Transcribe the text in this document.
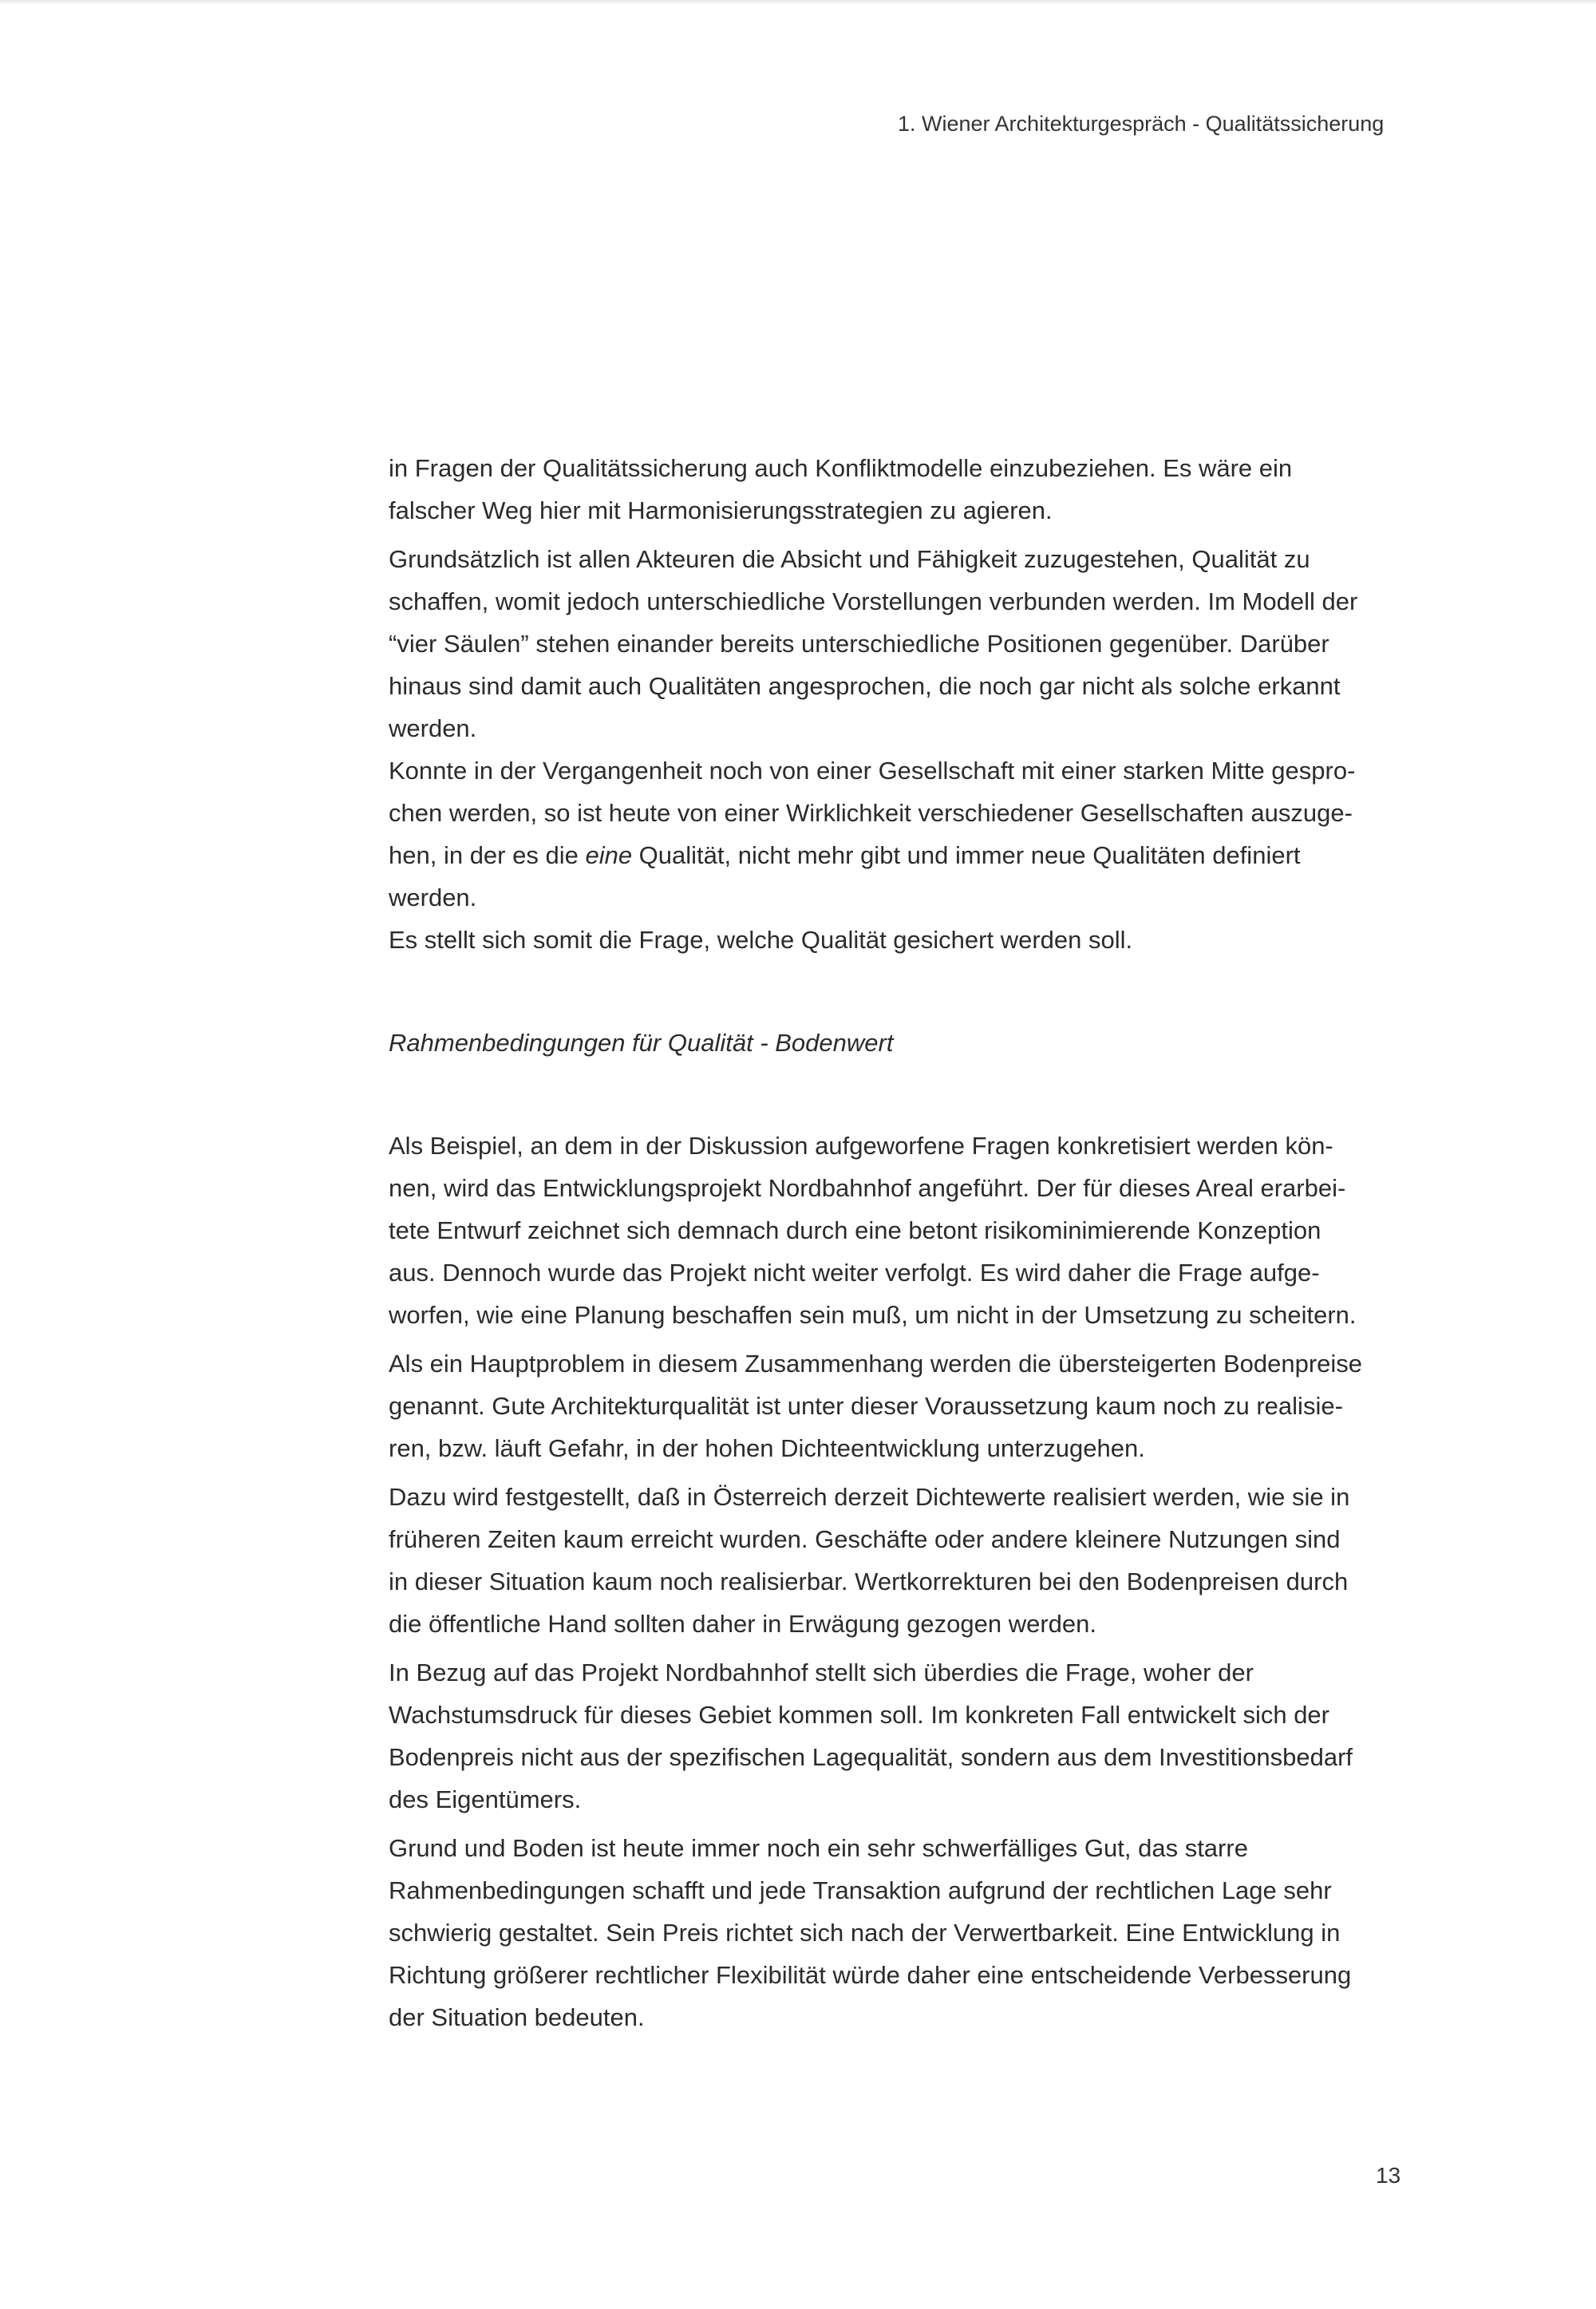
1. Wiener Architekturgespräch - Qualitätssicherung
in Fragen der Qualitätssicherung auch Konfliktmodelle einzubeziehen. Es wäre ein
falscher Weg hier mit Harmonisierungsstrategien zu agieren.
Grundsätzlich ist allen Akteuren die Absicht und Fähigkeit zuzugestehen, Qualität zu
schaffen, womit jedoch unterschiedliche Vorstellungen verbunden werden. Im Modell der
“vier Säulen” stehen einander bereits unterschiedliche Positionen gegenüber. Darüber
hinaus sind damit auch Qualitäten angesprochen, die noch gar nicht als solche erkannt
werden.
Konnte in der Vergangenheit noch von einer Gesellschaft mit einer starken Mitte gespro-
chen werden, so ist heute von einer Wirklichkeit verschiedener Gesellschaften auszuge-
hen, in der es die eine Qualität, nicht mehr gibt und immer neue Qualitäten definiert
werden.
Es stellt sich somit die Frage, welche Qualität gesichert werden soll.
Rahmenbedingungen für Qualität - Bodenwert
Als Beispiel, an dem in der Diskussion aufgeworfene Fragen konkretisiert werden kön-
nen, wird das Entwicklungsprojekt Nordbahnhof angeführt. Der für dieses Areal erarbei-
tete Entwurf zeichnet sich demnach durch eine betont risikominimierende Konzeption
aus. Dennoch wurde das Projekt nicht weiter verfolgt. Es wird daher die Frage aufge-
worfen, wie eine Planung beschaffen sein muß, um nicht in der Umsetzung zu scheitern.
Als ein Hauptproblem in diesem Zusammenhang werden die übersteigerten Bodenpreise
genannt. Gute Architekturqualität ist unter dieser Voraussetzung kaum noch zu realisie-
ren, bzw. läuft Gefahr, in der hohen Dichteentwicklung unterzugehen.
Dazu wird festgestellt, daß in Österreich derzeit Dichtewerte realisiert werden, wie sie in
früheren Zeiten kaum erreicht wurden. Geschäfte oder andere kleinere Nutzungen sind
in dieser Situation kaum noch realisierbar. Wertkorrekturen bei den Bodenpreisen durch
die öffentliche Hand sollten daher in Erwägung gezogen werden.
In Bezug auf das Projekt Nordbahnhof stellt sich überdies die Frage, woher der
Wachstumsdruck für dieses Gebiet kommen soll. Im konkreten Fall entwickelt sich der
Bodenpreis nicht aus der spezifischen Lagequalität, sondern aus dem Investitionsbedarf
des Eigentümers.
Grund und Boden ist heute immer noch ein sehr schwerfälliges Gut, das starre
Rahmenbedingungen schafft und jede Transaktion aufgrund der rechtlichen Lage sehr
schwierig gestaltet. Sein Preis richtet sich nach der Verwertbarkeit. Eine Entwicklung in
Richtung größerer rechtlicher Flexibilität würde daher eine entscheidende Verbesserung
der Situation bedeuten.
13
